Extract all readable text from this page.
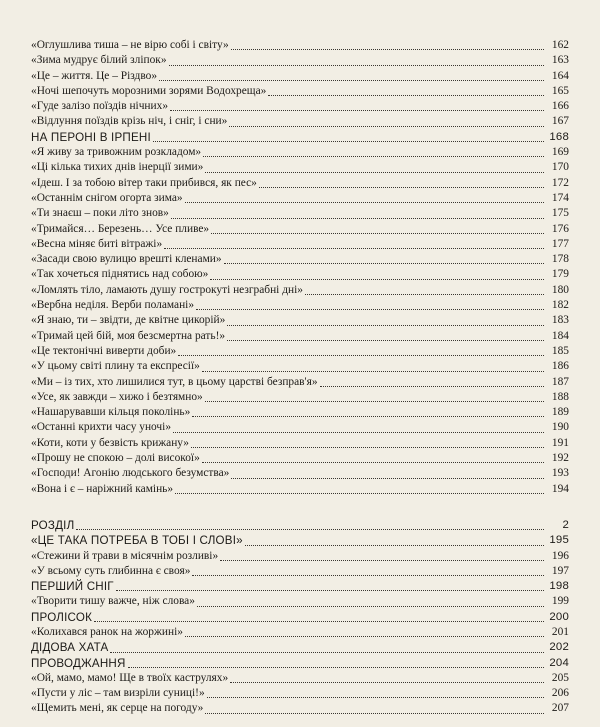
«Оглушлива тиша – не вірю собі і світу»	162
«Зима мудрує білий зліпок»	163
«Це – життя. Це – Різдво»	164
«Ночі шепочуть морозними зорями Водохреща»	165
«Гуде залізо поїздів нічних»	166
«Відлуння поїздів крізь ніч, і сніг, і сни»	167
НА ПЕРОНІ В ІРПЕНІ	168
«Я живу за тривожним розкладом»	169
«Ці кілька тихих днів інерції зими»	170
«Ідеш. І за тобою вітер таки прибився, як пес»	172
«Останнім снігом огорта зима»	174
«Ти знаєш – поки літо знов»	175
«Тримайся… Березень… Усе пливе»	176
«Весна міняє биті вітражі»	177
«Засади свою вулицю врешті кленами»	178
«Так хочеться піднятись над собою»	179
«Ломлять тіло, ламають душу гострокуті незграбні дні»	180
«Вербна неділя. Верби поламані»	182
«Я знаю, ти – звідти, де квітне цикорій»	183
«Тримай цей бій, моя безсмертна рать!»	184
«Це тектонічні виверти доби»	185
«У цьому світі плину та експресії»	186
«Ми – із тих, хто лишилися тут, в цьому царстві безправ'я»	187
«Усе, як завжди – хижо і безтямно»	188
«Нашарувавши кільця поколінь»	189
«Останні крихти часу уночі»	190
«Коти, коти у безвість крижану»	191
«Прошу не спокою – долі високої»	192
«Господи! Агонію людського безумства»	193
«Вона і є – наріжний камінь»	194
РОЗДІЛ	2
«ЦЕ ТАКА ПОТРЕБА В ТОБІ І СЛОВІ»	195
«Стежини й трави в місячнім розливі»	196
«У всьому суть глибинна є своя»	197
ПЕРШИЙ СНІГ	198
«Творити тишу важче, ніж слова»	199
ПРОЛІСОК	200
«Колихався ранок на жоржині»	201
ДІДОВА ХАТА	202
ПРОВОДЖАННЯ	204
«Ой, мамо, мамо! Ще в твоїх каструлях»	205
«Пусти у ліс – там визріли суниці!»	206
«Щемить мені, як серце на погоду»	207
